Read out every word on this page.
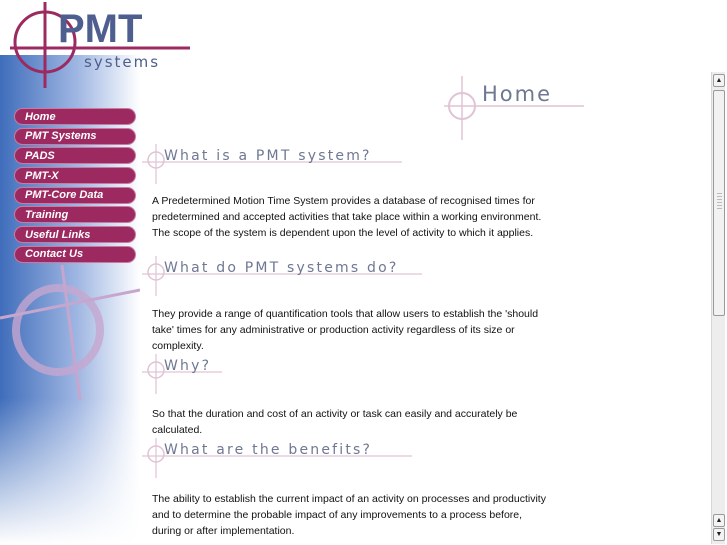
PMT
systems
Home
PMT Systems
PADS
PMT-X
PMT-Core Data
Training
Useful Links
Contact Us
Home
What is a PMT system?

A Predetermined Motion Time System provides a database of recognised times for predetermined and accepted activities that take place within a working environment. The scope of the system is dependent upon the level of activity to which it applies.

What do PMT systems do?

They provide a range of quantification tools that allow users to establish the 'should take' times for any administrative or production activity regardless of its size or complexity.

Why?

So that the duration and cost of an activity or task can easily and accurately be calculated.

What are the benefits?

The ability to establish the current impact of an activity on processes and productivity and to determine the probable impact of any improvements to a process before, during or after implementation.

▲
▲
▼
